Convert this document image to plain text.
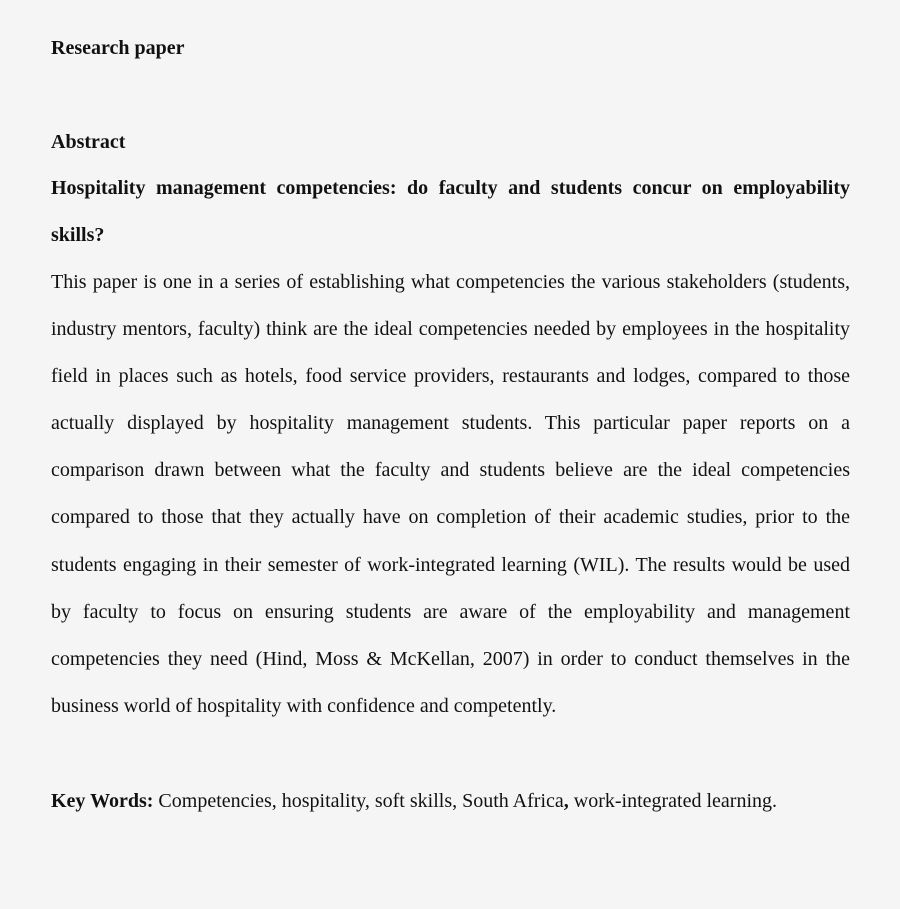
Research paper

Abstract

Hospitality management competencies: do faculty and students concur on employability skills?

This paper is one in a series of establishing what competencies the various stakeholders (students, industry mentors, faculty) think are the ideal competencies needed by employees in the hospitality field in places such as hotels, food service providers, restaurants and lodges, compared to those actually displayed by hospitality management students. This particular paper reports on a comparison drawn between what the faculty and students believe are the ideal competencies compared to those that they actually have on completion of their academic studies, prior to the students engaging in their semester of work-integrated learning (WIL). The results would be used by faculty to focus on ensuring students are aware of the employability and management competencies they need (Hind, Moss & McKellan, 2007) in order to conduct themselves in the business world of hospitality with confidence and competently.

Key Words: Competencies, hospitality, soft skills, South Africa, work-integrated learning.
